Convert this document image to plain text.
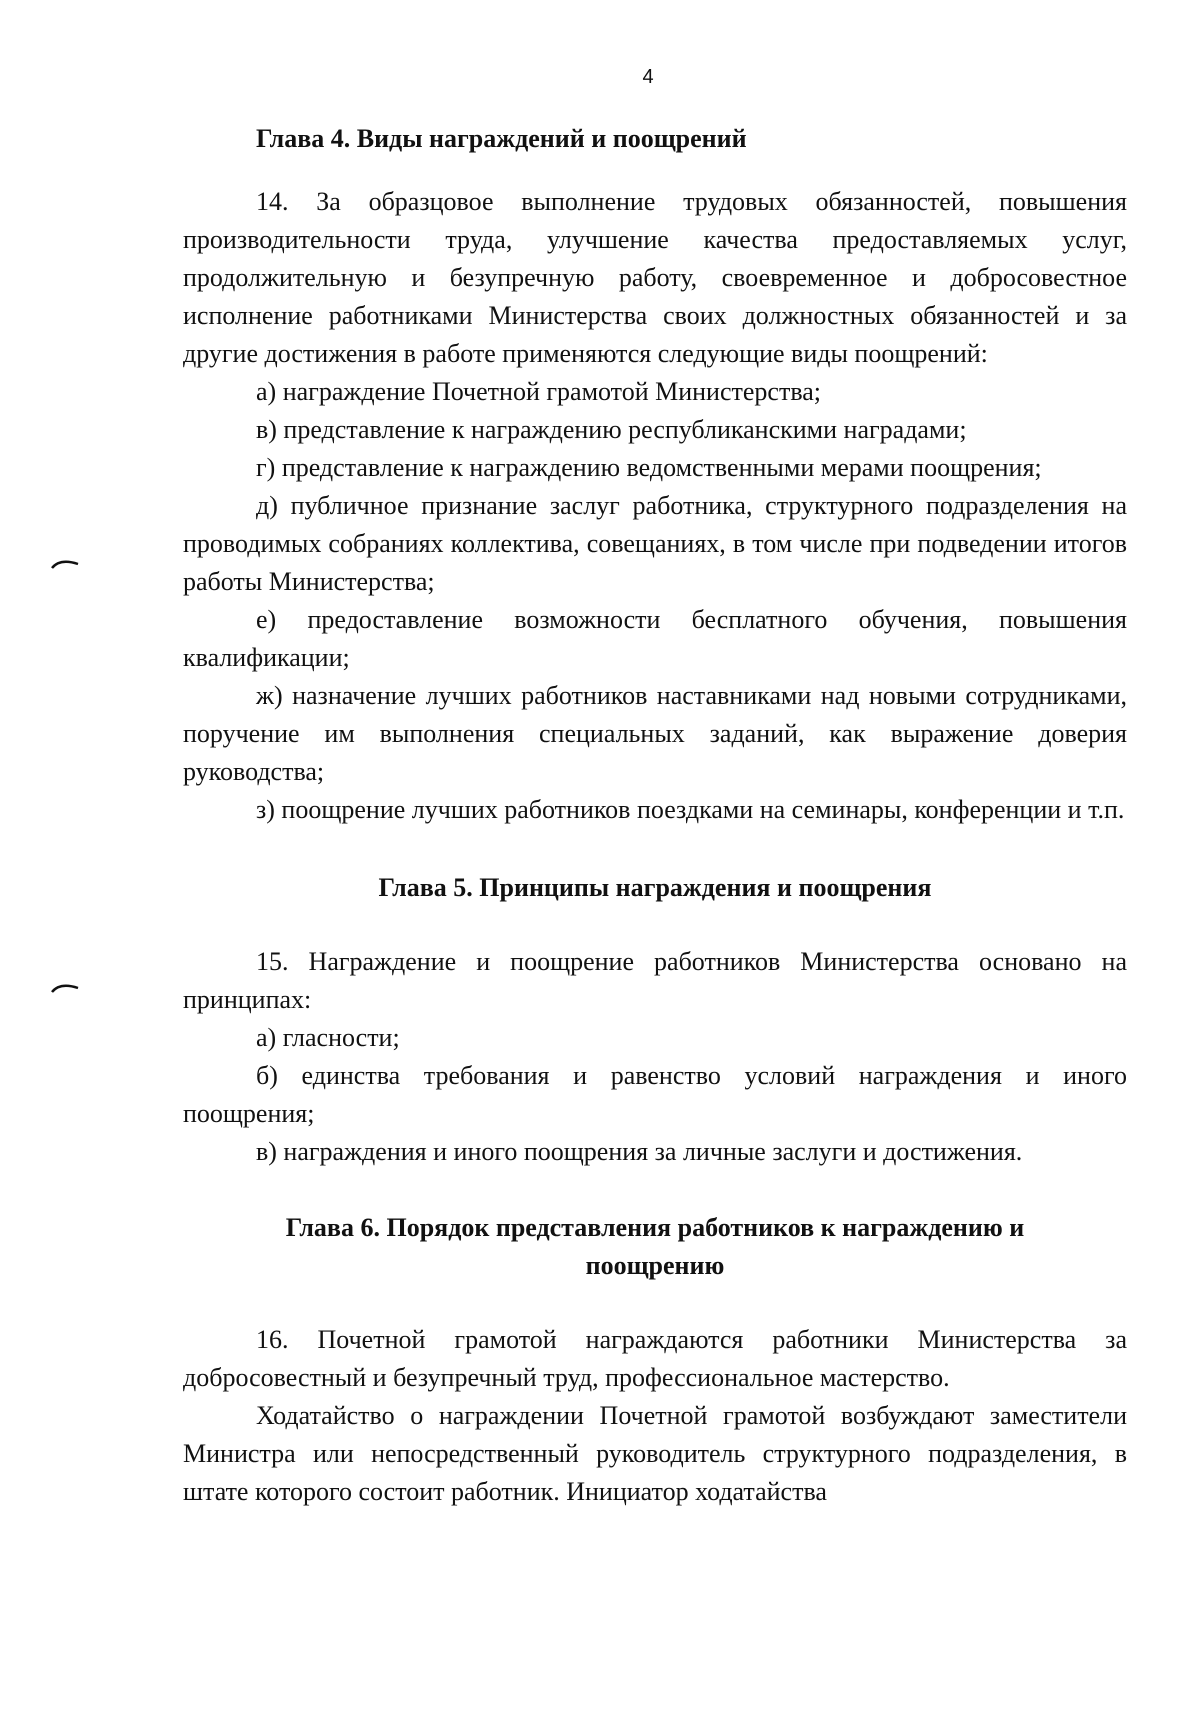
4

Глава 4. Виды награждений и поощрений

14. За образцовое выполнение трудовых обязанностей, повышения производительности труда, улучшение качества предоставляемых услуг, продолжительную и безупречную работу, своевременное и добросовестное исполнение работниками Министерства своих должностных обязанностей и за другие достижения в работе применяются следующие виды поощрений:

а) награждение Почетной грамотой Министерства;

в) представление к награждению республиканскими наградами;

г) представление к награждению ведомственными мерами поощрения;

д) публичное признание заслуг работника, структурного подразделения на проводимых собраниях коллектива, совещаниях, в том числе при подведении итогов работы Министерства;

е) предоставление возможности бесплатного обучения, повышения квалификации;

ж) назначение лучших работников наставниками над новыми сотрудниками, поручение им выполнения специальных заданий, как выражение доверия руководства;

з) поощрение лучших работников поездками на семинары, конференции и т.п.

Глава 5. Принципы награждения и поощрения

15. Награждение и поощрение работников Министерства основано на принципах:

а) гласности;

б) единства требования и равенство условий награждения и иного поощрения;

в) награждения и иного поощрения за личные заслуги и достижения.

Глава 6. Порядок представления работников к награждению и

поощрению

16. Почетной грамотой награждаются работники Министерства за добросовестный и безупречный труд, профессиональное мастерство.

Ходатайство о награждении Почетной грамотой возбуждают заместители Министра или непосредственный руководитель структурного подразделения, в штате которого состоит работник. Инициатор ходатайства
